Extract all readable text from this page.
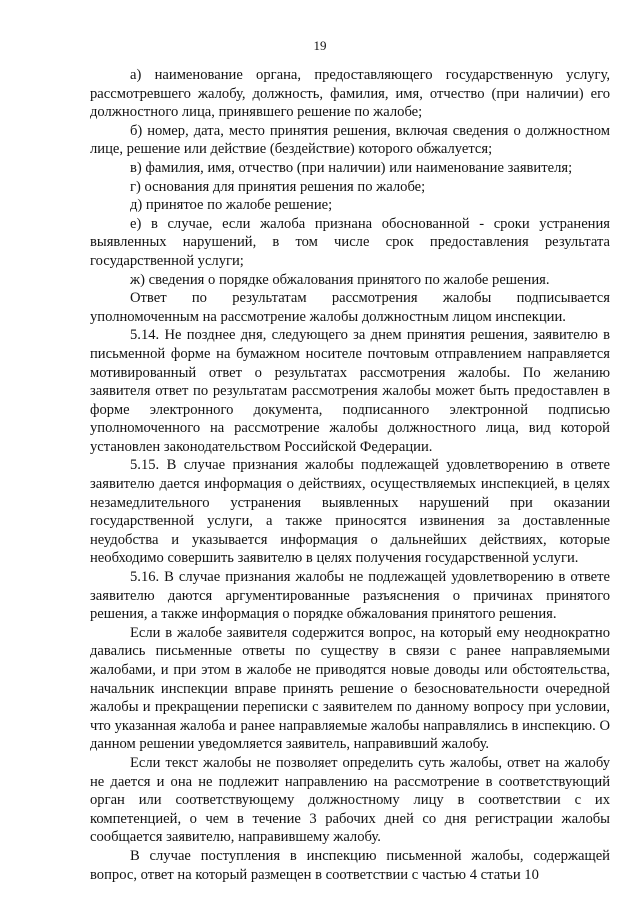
19

а) наименование органа, предоставляющего государственную услугу, рассмотревшего жалобу, должность, фамилия, имя, отчество (при наличии) его должностного лица, принявшего решение по жалобе;

б) номер, дата, место принятия решения, включая сведения о должностном лице, решение или действие (бездействие) которого обжалуется;

в) фамилия, имя, отчество (при наличии) или наименование заявителя;

г) основания для принятия решения по жалобе;

д) принятое по жалобе решение;

е) в случае, если жалоба признана обоснованной - сроки устранения выявленных нарушений, в том числе срок предоставления результата государственной услуги;

ж) сведения о порядке обжалования принятого по жалобе решения.

Ответ по результатам рассмотрения жалобы подписывается уполномоченным на рассмотрение жалобы должностным лицом инспекции.

5.14. Не позднее дня, следующего за днем принятия решения, заявителю в письменной форме на бумажном носителе почтовым отправлением направляется мотивированный ответ о результатах рассмотрения жалобы. По желанию заявителя ответ по результатам рассмотрения жалобы может быть предоставлен в форме электронного документа, подписанного электронной подписью уполномоченного на рассмотрение жалобы должностного лица, вид которой установлен законодательством Российской Федерации.

5.15. В случае признания жалобы подлежащей удовлетворению в ответе заявителю дается информация о действиях, осуществляемых инспекцией, в целях незамедлительного устранения выявленных нарушений при оказании государственной услуги, а также приносятся извинения за доставленные неудобства и указывается информация о дальнейших действиях, которые необходимо совершить заявителю в целях получения государственной услуги.

5.16. В случае признания жалобы не подлежащей удовлетворению в ответе заявителю даются аргументированные разъяснения о причинах принятого решения, а также информация о порядке обжалования принятого решения.

Если в жалобе заявителя содержится вопрос, на который ему неоднократно давались письменные ответы по существу в связи с ранее направляемыми жалобами, и при этом в жалобе не приводятся новые доводы или обстоятельства, начальник инспекции вправе принять решение о безосновательности очередной жалобы и прекращении переписки с заявителем по данному вопросу при условии, что указанная жалоба и ранее направляемые жалобы направлялись в инспекцию. О данном решении уведомляется заявитель, направивший жалобу.

Если текст жалобы не позволяет определить суть жалобы, ответ на жалобу не дается и она не подлежит направлению на рассмотрение в соответствующий орган или соответствующему должностному лицу в соответствии с их компетенцией, о чем в течение 3 рабочих дней со дня регистрации жалобы сообщается заявителю, направившему жалобу.

В случае поступления в инспекцию письменной жалобы, содержащей вопрос, ответ на который размещен в соответствии с частью 4 статьи 10
